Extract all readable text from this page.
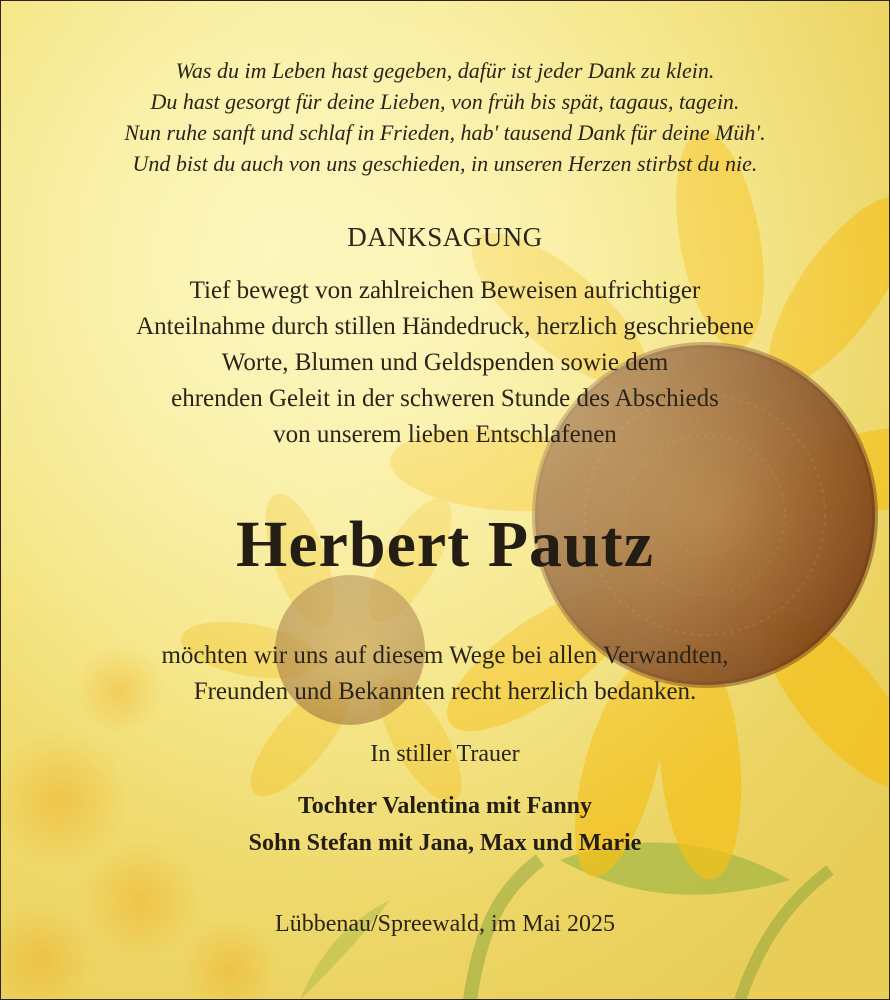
Was du im Leben hast gegeben, dafür ist jeder Dank zu klein.
Du hast gesorgt für deine Lieben, von früh bis spät, tagaus, tagein.
Nun ruhe sanft und schlaf in Frieden, hab' tausend Dank für deine Müh'.
Und bist du auch von uns geschieden, in unseren Herzen stirbst du nie.
DANKSAGUNG
Tief bewegt von zahlreichen Beweisen aufrichtiger
Anteilnahme durch stillen Händedruck, herzlich geschriebene
Worte, Blumen und Geldspenden sowie dem
ehrenden Geleit in der schweren Stunde des Abschieds
von unserem lieben Entschlafenen
Herbert Pautz
möchten wir uns auf diesem Wege bei allen Verwandten,
Freunden und Bekannten recht herzlich bedanken.
In stiller Trauer
Tochter Valentina mit Fanny
Sohn Stefan mit Jana, Max und Marie
Lübbenau/Spreewald, im Mai 2025
